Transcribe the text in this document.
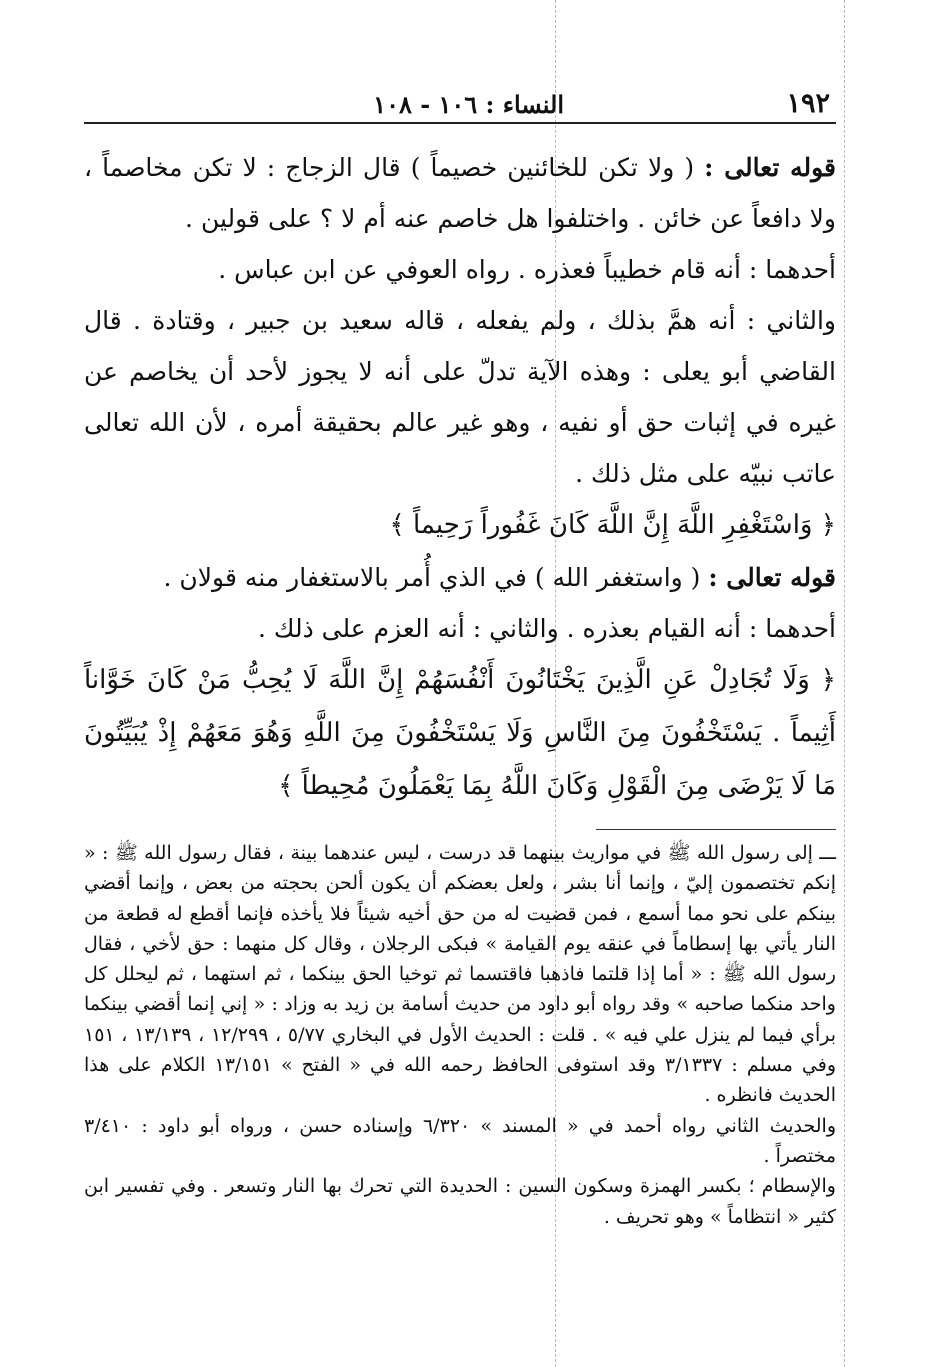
١٩٢
النساء : ١٠٦ - ١٠٨

قوله تعالى : ( ولا تكن للخائنين خصيماً ) قال الزجاج : لا تكن مخاصماً ، ولا دافعاً عن خائن . واختلفوا هل خاصم عنه أم لا ؟ على قولين .

أحدهما : أنه قام خطيباً فعذره . رواه العوفي عن ابن عباس .

والثاني : أنه همَّ بذلك ، ولم يفعله ، قاله سعيد بن جبير ، وقتادة . قال القاضي أبو يعلى : وهذه الآية تدلّ على أنه لا يجوز لأحد أن يخاصم عن غيره في إثبات حق أو نفيه ، وهو غير عالم بحقيقة أمره ، لأن الله تعالى عاتب نبيّه على مثل ذلك .

﴿ وَاسْتَغْفِرِ اللَّهَ إِنَّ اللَّهَ كَانَ غَفُوراً رَحِيماً ﴾

قوله تعالى : ( واستغفر الله ) في الذي أُمر بالاستغفار منه قولان .

أحدهما : أنه القيام بعذره . والثاني : أنه العزم على ذلك .

﴿ وَلَا تُجَادِلْ عَنِ الَّذِينَ يَخْتَانُونَ أَنْفُسَهُمْ إِنَّ اللَّهَ لَا يُحِبُّ مَنْ كَانَ خَوَّاناً أَثِيماً . يَسْتَخْفُونَ مِنَ النَّاسِ وَلَا يَسْتَخْفُونَ مِنَ اللَّهِ وَهُوَ مَعَهُمْ إِذْ يُبَيِّتُونَ مَا لَا يَرْضَى مِنَ الْقَوْلِ وَكَانَ اللَّهُ بِمَا يَعْمَلُونَ مُحِيطاً ﴾

ـــ إلى رسول الله ﷺ في مواريث بينهما قد درست ، ليس عندهما بينة ، فقال رسول الله ﷺ : « إنكم تختصمون إليّ ، وإنما أنا بشر ، ولعل بعضكم أن يكون ألحن بحجته من بعض ، وإنما أقضي بينكم على نحو مما أسمع ، فمن قضيت له من حق أخيه شيئاً فلا يأخذه فإنما أقطع له قطعة من النار يأتي بها إسطاماً في عنقه يوم القيامة » فبكى الرجلان ، وقال كل منهما : حق لأخي ، فقال رسول الله ﷺ : « أما إذا قلتما فاذهبا فاقتسما ثم توخيا الحق بينكما ، ثم استهما ، ثم ليحلل كل واحد منكما صاحبه » وقد رواه أبو داود من حديث أسامة بن زيد به وزاد : « إني إنما أقضي بينكما برأي فيما لم ينزل علي فيه » . قلت : الحديث الأول في البخاري ٥/٧٧ ، ١٢/٢٩٩ ، ١٣/١٣٩ ، ١٥١ وفي مسلم : ٣/١٣٣٧ وقد استوفى الحافظ رحمه الله في « الفتح » ١٣/١٥١ الكلام على هذا الحديث فانظره .

والحديث الثاني رواه أحمد في « المسند » ٦/٣٢٠ وإسناده حسن ، ورواه أبو داود : ٣/٤١٠ مختصراً .

والإسطام ؛ بكسر الهمزة وسكون السين : الحديدة التي تحرك بها النار وتسعر . وفي تفسير ابن كثير « انتظاماً » وهو تحريف .
